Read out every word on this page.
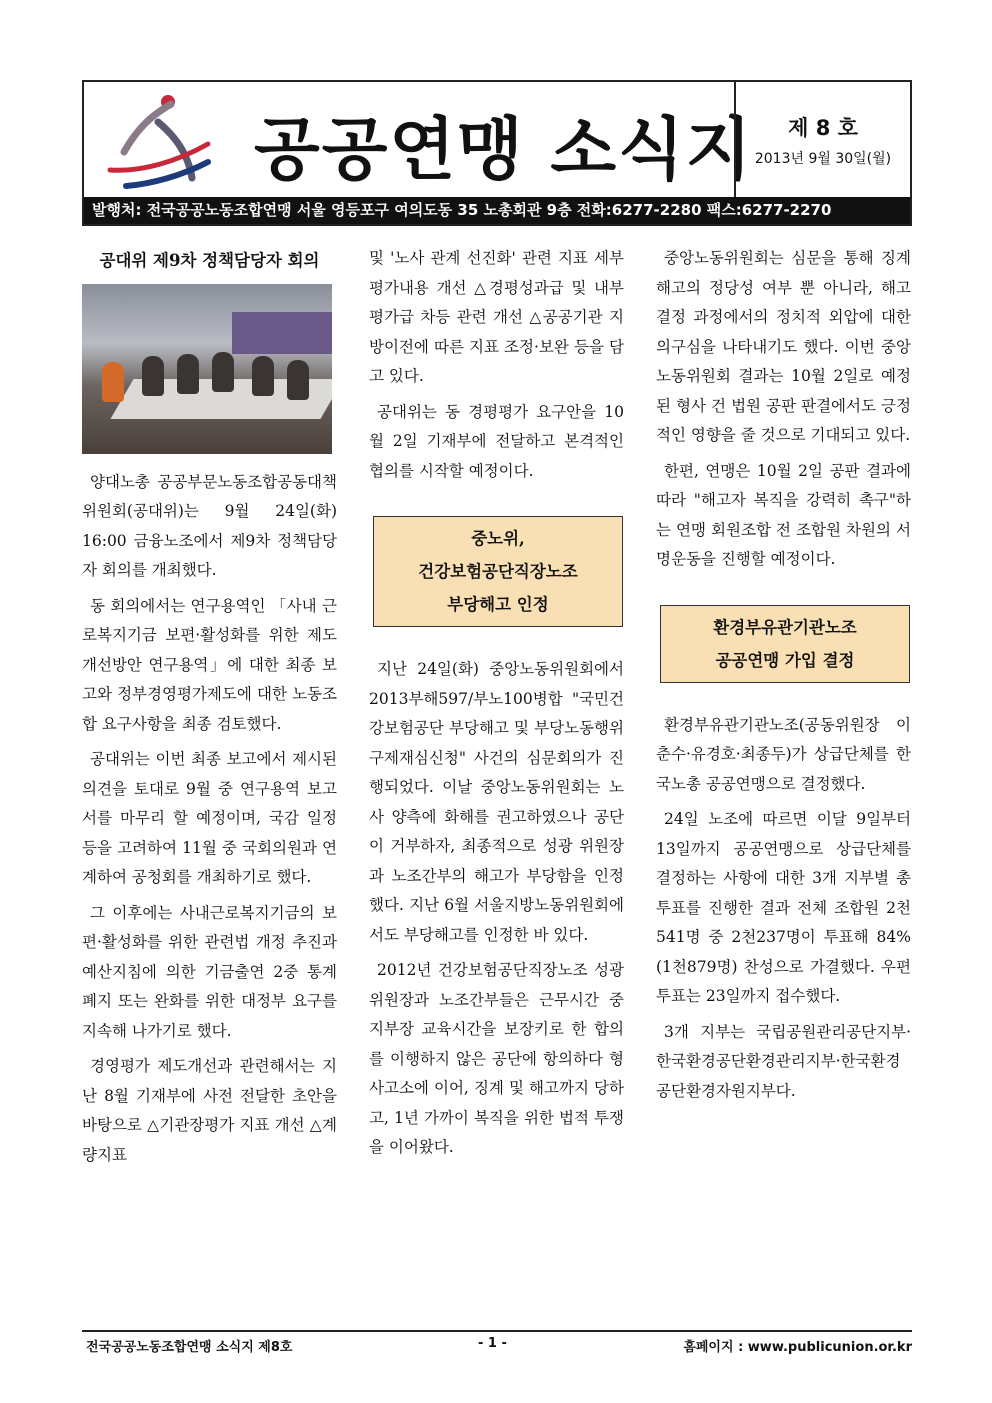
공공연맹 소식지	제 8 호
2013년 9월 30일(월)
발행처: 전국공공노동조합연맹 서울 영등포구 여의도동 35 노총회관 9층 전화:6277-2280 팩스:6277-2270
공대위 제9차 정책담당자 회의

양대노총 공공부문노동조합공동대책위원회(공대위)는 9월 24일(화) 16:00 금융노조에서 제9차 정책담당자 회의를 개최했다.

동 회의에서는 연구용역인 「사내 근로복지기금 보편·활성화를 위한 제도개선방안 연구용역」에 대한 최종 보고와 정부경영평가제도에 대한 노동조합 요구사항을 최종 검토했다.

공대위는 이번 최종 보고에서 제시된 의견을 토대로 9월 중 연구용역 보고서를 마무리 할 예정이며, 국감 일정 등을 고려하여 11월 중 국회의원과 연계하여 공청회를 개최하기로 했다.

그 이후에는 사내근로복지기금의 보편·활성화를 위한 관련법 개정 추진과 예산지침에 의한 기금출연 2중 통계 폐지 또는 완화를 위한 대정부 요구를 지속해 나가기로 했다.

경영평가 제도개선과 관련해서는 지난 8월 기재부에 사전 전달한 초안을 바탕으로 △기관장평가 지표 개선 △계량지표

및 '노사 관계 선진화' 관련 지표 세부평가내용 개선 △경평성과급 및 내부평가급 차등 관련 개선 △공공기관 지방이전에 따른 지표 조정·보완 등을 담고 있다.

공대위는 동 경평평가 요구안을 10월 2일 기재부에 전달하고 본격적인 협의를 시작할 예정이다.

중노위,
건강보험공단직장노조
부당해고 인정

지난 24일(화) 중앙노동위원회에서 2013부해597/부노100병합 "국민건강보험공단 부당해고 및 부당노동행위 구제재심신청" 사건의 심문회의가 진행되었다. 이날 중앙노동위원회는 노사 양측에 화해를 권고하였으나 공단이 거부하자, 최종적으로 성광 위원장과 노조간부의 해고가 부당함을 인정했다. 지난 6월 서울지방노동위원회에서도 부당해고를 인정한 바 있다.

2012년 건강보험공단직장노조 성광 위원장과 노조간부들은 근무시간 중 지부장 교육시간을 보장키로 한 합의를 이행하지 않은 공단에 항의하다 형사고소에 이어, 징계 및 해고까지 당하고, 1년 가까이 복직을 위한 법적 투쟁을 이어왔다.

중앙노동위원회는 심문을 통해 징계해고의 정당성 여부 뿐 아니라, 해고 결정 과정에서의 정치적 외압에 대한 의구심을 나타내기도 했다. 이번 중앙노동위원회 결과는 10월 2일로 예정된 형사 건 법원 공판 판결에서도 긍정적인 영향을 줄 것으로 기대되고 있다.

한편, 연맹은 10월 2일 공판 결과에 따라 "해고자 복직을 강력히 촉구"하는 연맹 회원조합 전 조합원 차원의 서명운동을 진행할 예정이다.

환경부유관기관노조
공공연맹 가입 결정

환경부유관기관노조(공동위원장 이춘수·유경호·최종두)가 상급단체를 한국노총 공공연맹으로 결정했다.

24일 노조에 따르면 이달 9일부터 13일까지 공공연맹으로 상급단체를 결정하는 사항에 대한 3개 지부별 총투표를 진행한 결과 전체 조합원 2천541명 중 2천237명이 투표해 84%(1천879명) 찬성으로 가결했다. 우편투표는 23일까지 접수했다.

3개 지부는 국립공원관리공단지부·한국환경공단환경관리지부·한국환경공단환경자원지부다.

전국공공노동조합연맹 소식지 제8호	- 1 -	홈페이지 : www.publicunion.or.kr
